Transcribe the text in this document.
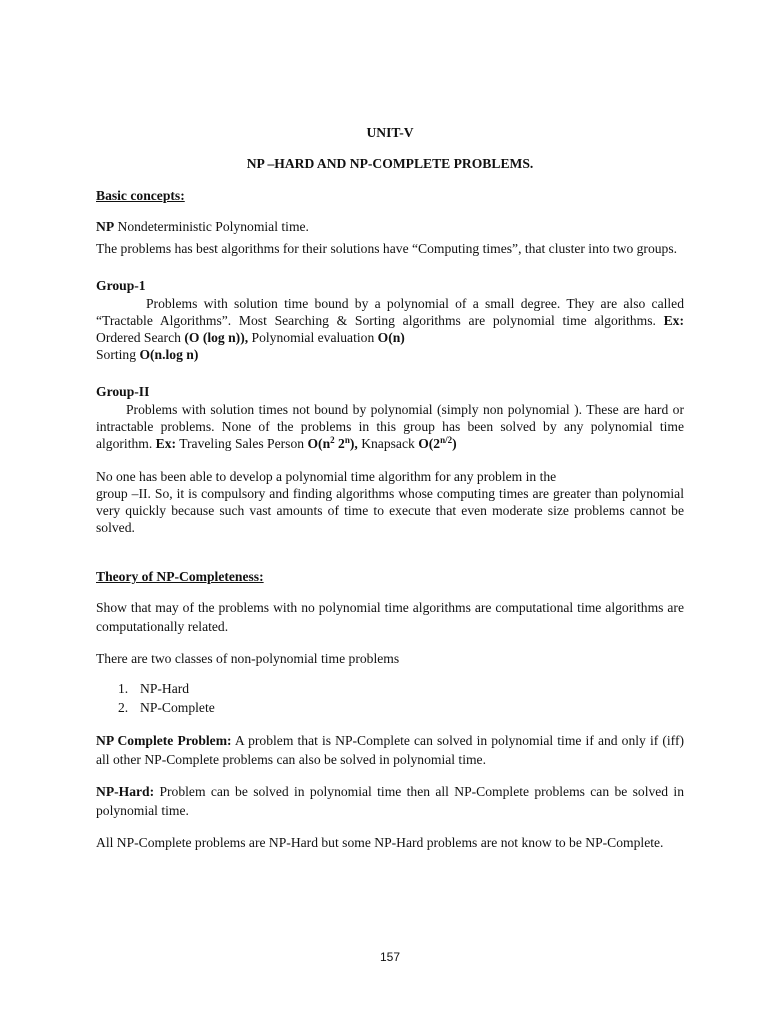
UNIT-V
NP –HARD AND NP-COMPLETE PROBLEMS.
Basic concepts:
NP Nondeterministic Polynomial time.

The problems has best algorithms for their solutions have “Computing times”, that cluster into two groups.

Group-1

Problems with solution time bound by a polynomial of a small degree. They are also called “Tractable Algorithms”. Most Searching & Sorting algorithms are polynomial time algorithms. Ex: Ordered Search (O (log n)), Polynomial evaluation O(n)

Sorting O(n.log n)
Group-II

Problems with solution times not bound by polynomial (simply non polynomial ). These are hard or intractable problems. None of the problems in this group has been solved by any polynomial time algorithm. Ex: Traveling Sales Person $O(n^2$ 2$^n$), Knapsack $O(2^{n/2})$

No one has been able to develop a polynomial time algorithm for any problem in the

group –II. So, it is compulsory and finding algorithms whose computing times are greater than polynomial very quickly because such vast amounts of time to execute that even moderate size problems cannot be solved.

Theory of NP-Completeness:

Show that may of the problems with no polynomial time algorithms are computational time algorithms are computationally related.

There are two classes of non-polynomial time problems
1. NP-Hard
2. NP-Complete

NP Complete Problem: A problem that is NP-Complete can solved in polynomial time if and only if (iff) all other NP-Complete problems can also be solved in polynomial time.

NP-Hard: Problem can be solved in polynomial time then all NP-Complete problems can be solved in polynomial time.

All NP-Complete problems are NP-Hard but some NP-Hard problems are not know to be NP-Complete.

157
